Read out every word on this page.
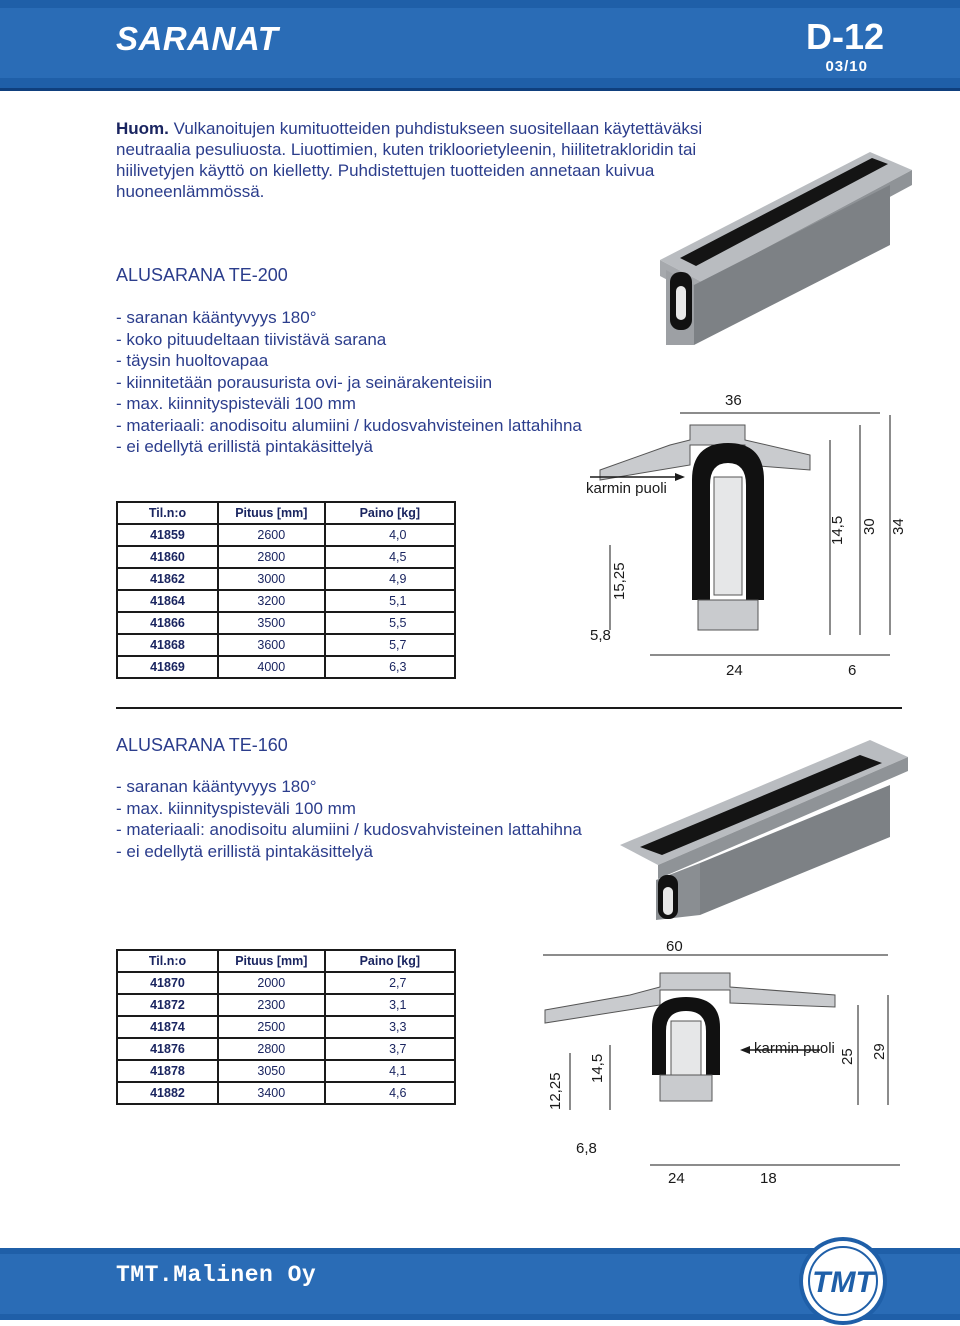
SARANAT	D-12
03/10
Huom. Vulkanoitujen kumituotteiden puhdistukseen suositellaan käytettäväksi neutraalia pesuliuosta. Liuottimien, kuten trikloorietyleenin, hiilitetrakloridin tai hiilivetyjen käyttö on kielletty. Puhdistettujen tuotteiden annetaan kuivua huoneenlämmössä.
ALUSARANA TE-200
- saranan kääntyvyys 180°
- koko pituudeltaan tiivistävä sarana
- täysin huoltovapaa
- kiinnitetään porausurista ovi- ja seinärakenteisiin
- max. kiinnityspisteväli 100 mm
- materiaali: anodisoitu alumiini / kudosvahvisteinen lattahihna
- ei edellytä erillistä pintakäsittelyä
Til.n:o	Pituus [mm]	Paino [kg]
41859	2600	4,0
41860	2800	4,5
41862	3000	4,9
41864	3200	5,1
41866	3500	5,5
41868	3600	5,7
41869	4000	6,3
36
karmin puoli
14,5 30 34
15,25
5,8
24	6
ALUSARANA TE-160
- saranan kääntyvyys 180°
- max. kiinnityspisteväli 100 mm
- materiaali: anodisoitu alumiini / kudosvahvisteinen lattahihna
- ei edellytä erillistä pintakäsittelyä
Til.n:o	Pituus [mm]	Paino [kg]
41870	2000	2,7
41872	2300	3,1
41874	2500	3,3
41876	2800	3,7
41878	3050	4,1
41882	3400	4,6
60
karmin puoli 25 29
14,5
12,25
6,8
24	18
TMT.Malinen Oy	TMT
